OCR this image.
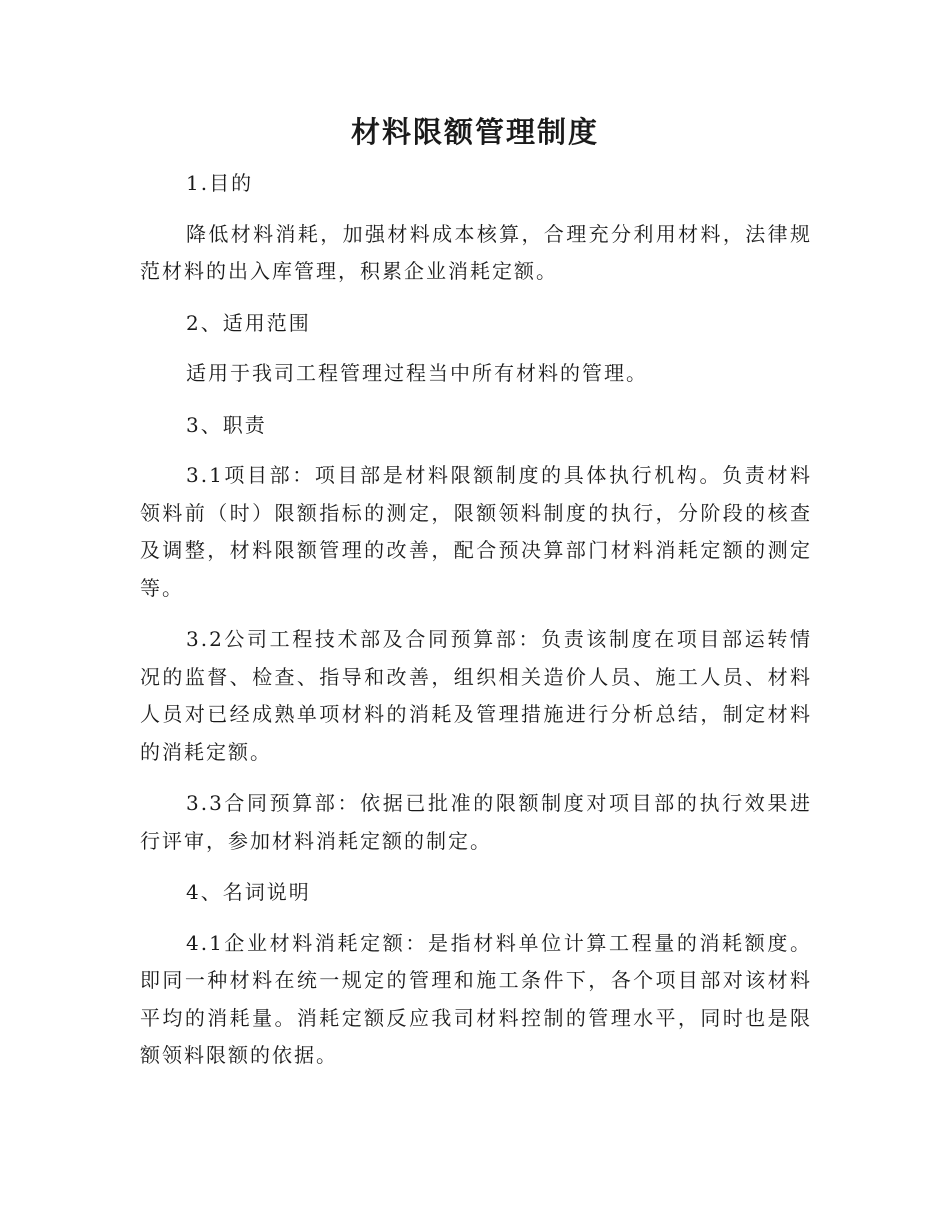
材料限额管理制度

1.目的

降低材料消耗，加强材料成本核算，合理充分利用材料，法律规范材料的出入库管理，积累企业消耗定额。

2、适用范围

适用于我司工程管理过程当中所有材料的管理。

3、职责

3.1项目部：项目部是材料限额制度的具体执行机构。负责材料领料前（时）限额指标的测定，限额领料制度的执行，分阶段的核查及调整，材料限额管理的改善，配合预决算部门材料消耗定额的测定等。

3.2公司工程技术部及合同预算部：负责该制度在项目部运转情况的监督、检查、指导和改善，组织相关造价人员、施工人员、材料人员对已经成熟单项材料的消耗及管理措施进行分析总结，制定材料的消耗定额。

3.3合同预算部：依据已批准的限额制度对项目部的执行效果进行评审，参加材料消耗定额的制定。

4、名词说明

4.1企业材料消耗定额：是指材料单位计算工程量的消耗额度。即同一种材料在统一规定的管理和施工条件下，各个项目部对该材料平均的消耗量。消耗定额反应我司材料控制的管理水平，同时也是限额领料限额的依据。
